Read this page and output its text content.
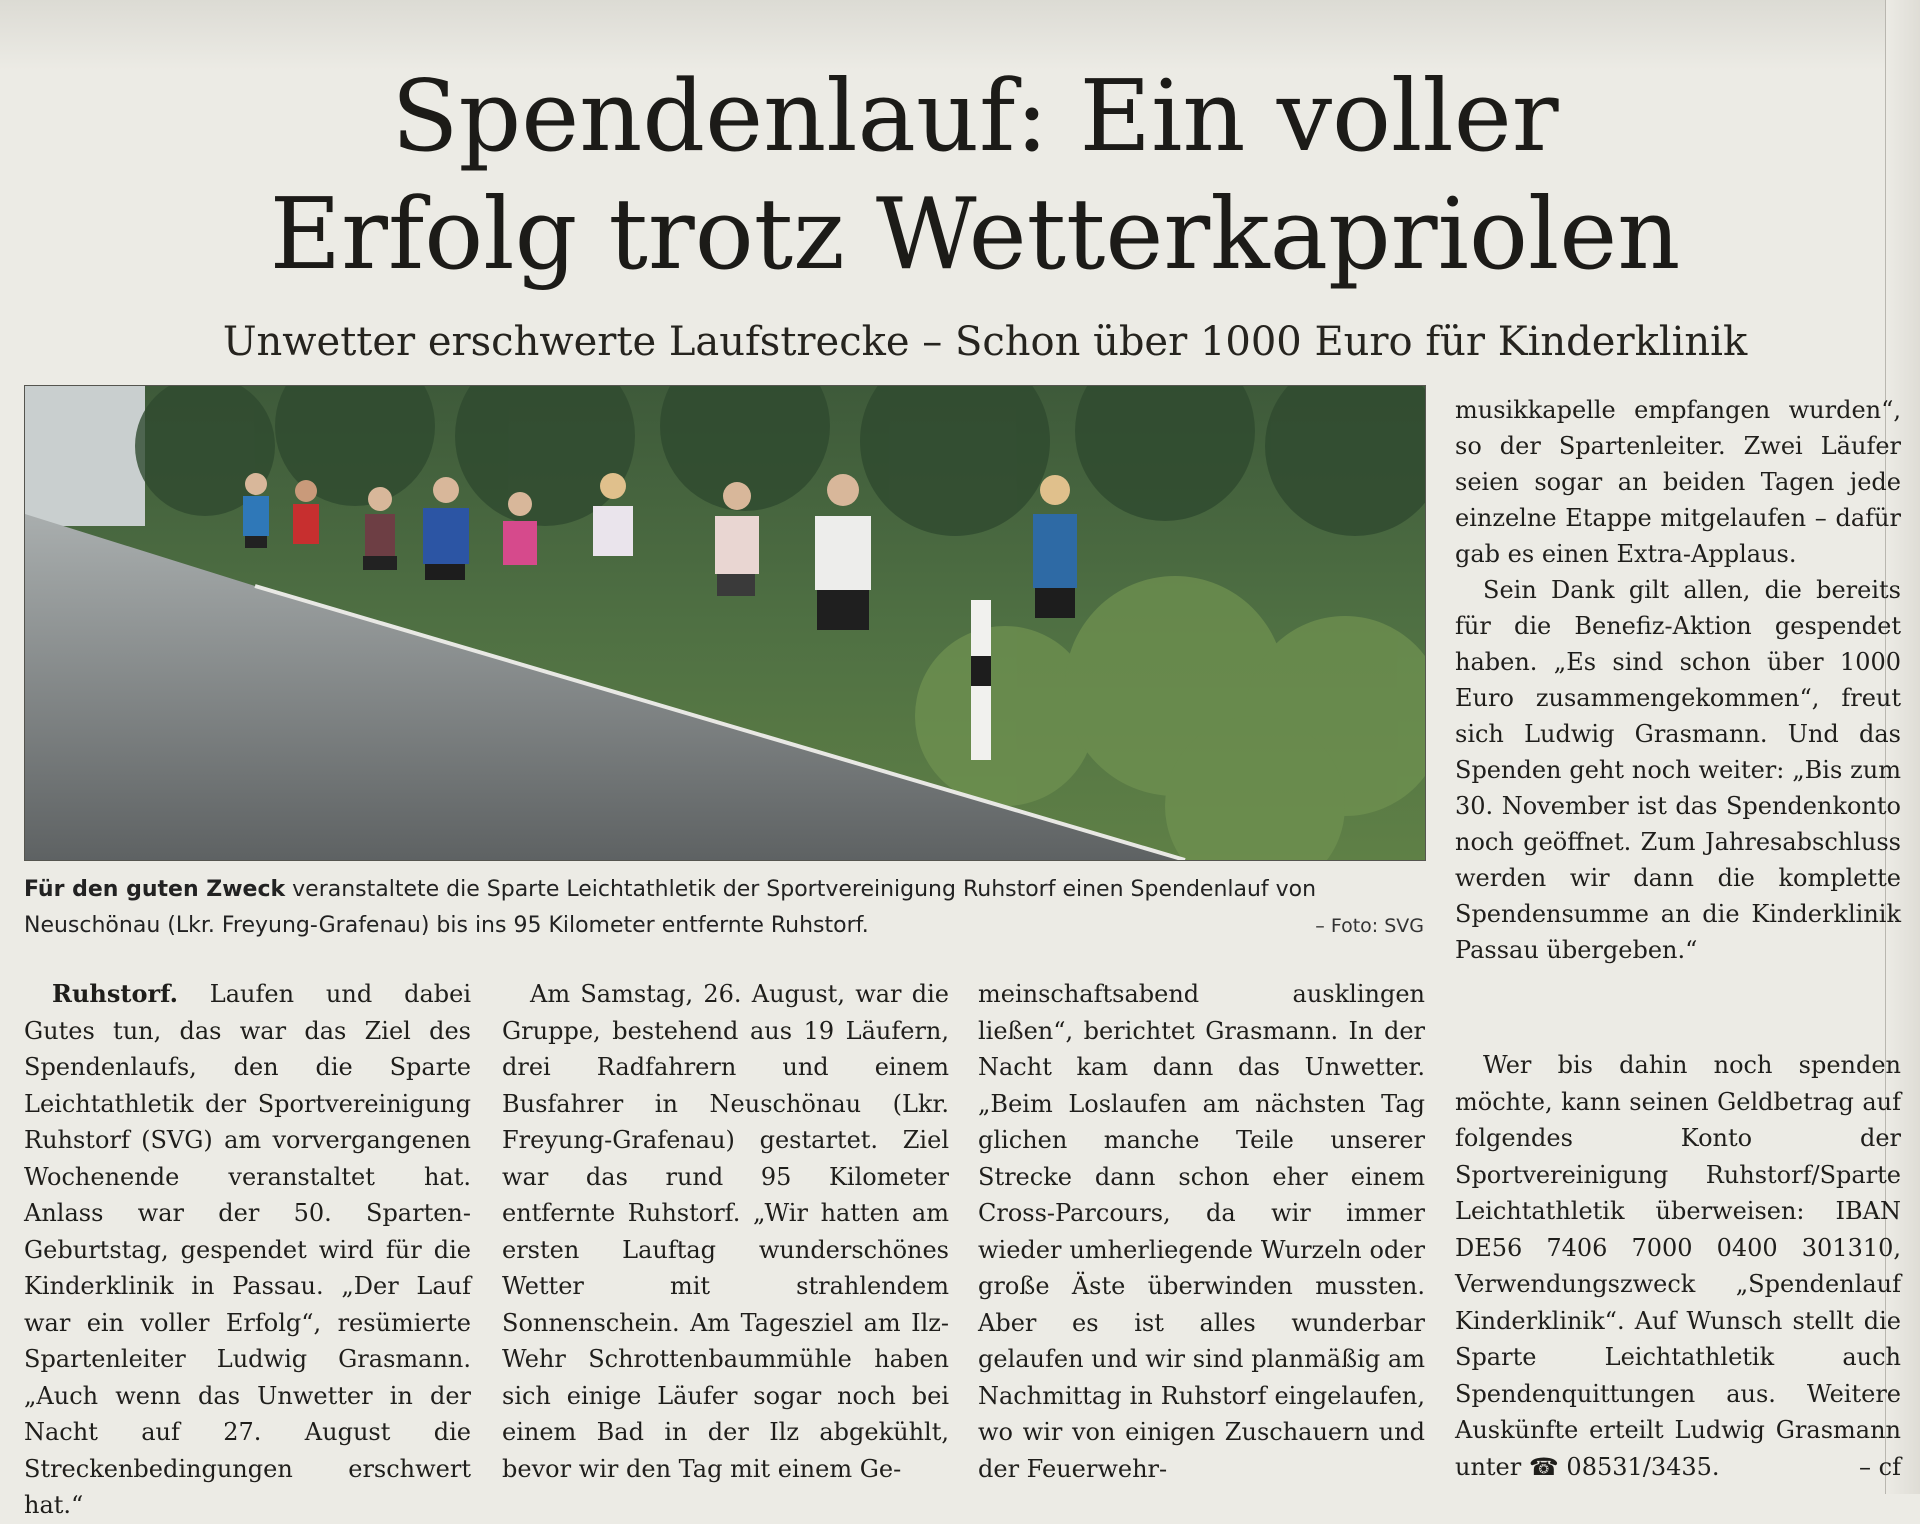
Spendenlauf: Ein voller
Erfolg trotz Wetterkapriolen
Unwetter erschwerte Laufstrecke – Schon über 1000 Euro für Kinderklinik
Für den guten Zweck veranstaltete die Sparte Leichtathletik der Sportvereinigung Ruhstorf einen Spendenlauf von Neuschönau (Lkr. Freyung-Grafenau) bis ins 95 Kilometer entfernte Ruhstorf.	– Foto: SVG

musikkapelle empfangen wurden“, so der Spartenleiter. Zwei Läufer seien sogar an beiden Tagen jede einzelne Etappe mitgelaufen – dafür gab es einen Extra-Applaus.

Sein Dank gilt allen, die bereits für die Benefiz-Aktion gespendet haben. „Es sind schon über 1000 Euro zusammengekommen“, freut sich Ludwig Grasmann. Und das Spenden geht noch weiter: „Bis zum 30. November ist das Spendenkonto noch geöffnet. Zum Jahresabschluss werden wir dann die komplette Spendensumme an die Kinderklinik Passau übergeben.“

Ruhstorf. Laufen und dabei Gutes tun, das war das Ziel des Spendenlaufs, den die Sparte Leichtathletik der Sportvereinigung Ruhstorf (SVG) am vorvergangenen Wochenende veranstaltet hat. Anlass war der 50. Sparten-Geburtstag, gespendet wird für die Kinderklinik in Passau. „Der Lauf war ein voller Erfolg“, resümierte Spartenleiter Ludwig Grasmann. „Auch wenn das Unwetter in der Nacht auf 27. August die Streckenbedingungen erschwert hat.“

Am Samstag, 26. August, war die Gruppe, bestehend aus 19 Läufern, drei Radfahrern und einem Busfahrer in Neuschönau (Lkr. Freyung-Grafenau) gestartet. Ziel war das rund 95 Kilometer entfernte Ruhstorf. „Wir hatten am ersten Lauftag wunderschönes Wetter mit strahlendem Sonnenschein. Am Tagesziel am Ilz-Wehr Schrottenbaummühle haben sich einige Läufer sogar noch bei einem Bad in der Ilz abgekühlt, bevor wir den Tag mit einem Ge-

meinschaftsabend ausklingen ließen“, berichtet Grasmann. In der Nacht kam dann das Unwetter. „Beim Loslaufen am nächsten Tag glichen manche Teile unserer Strecke dann schon eher einem Cross-Parcours, da wir immer wieder umherliegende Wurzeln oder große Äste überwinden mussten. Aber es ist alles wunderbar gelaufen und wir sind planmäßig am Nachmittag in Ruhstorf eingelaufen, wo wir von einigen Zuschauern und der Feuerwehr-

Wer bis dahin noch spenden möchte, kann seinen Geldbetrag auf folgendes Konto der Sportvereinigung Ruhstorf/Sparte Leichtathletik überweisen: IBAN DE56 7406 7000 0400 301310, Verwendungszweck „Spendenlauf Kinderklinik“. Auf Wunsch stellt die Sparte Leichtathletik auch Spendenquittungen aus. Weitere Auskünfte erteilt Ludwig Grasmann unter ☎ 08531/3435.	– cf
